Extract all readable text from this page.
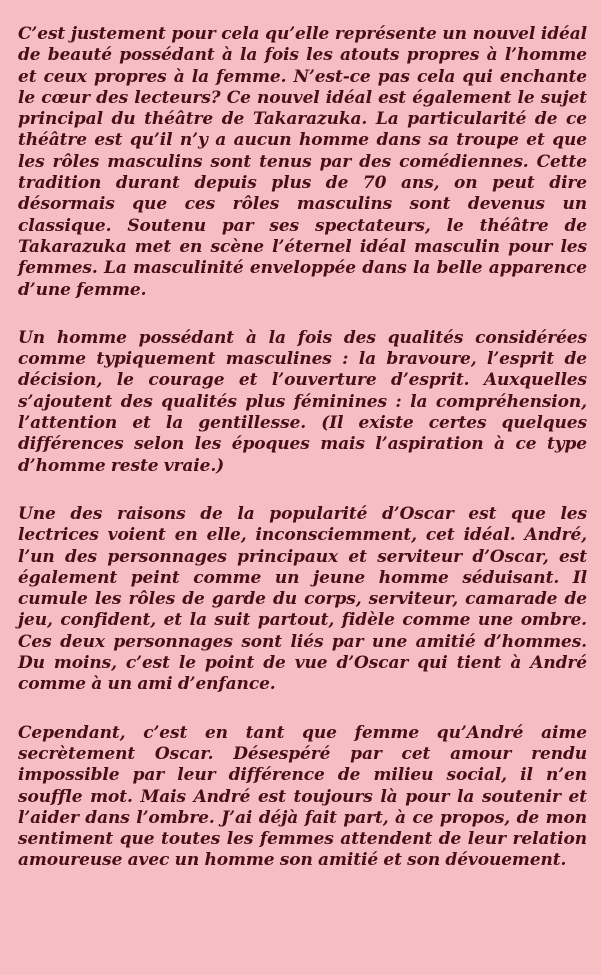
C’est justement pour cela qu’elle représente un nouvel idéal de beauté possédant à la fois les atouts propres à l’homme et ceux propres à la femme. N’est-ce pas cela qui enchante le cœur des lecteurs? Ce nouvel idéal est également le sujet principal du théâtre de Takarazuka. La particularité de ce théâtre est qu’il n’y a aucun homme dans sa troupe et que les rôles masculins sont tenus par des comédiennes. Cette tradition durant depuis plus de 70 ans, on peut dire désormais que ces rôles masculins sont devenus un classique. Soutenu par ses spectateurs, le théâtre de Takarazuka met en scène l’éternel idéal masculin pour les femmes. La masculinité enveloppée dans la belle apparence d’une femme.

Un homme possédant à la fois des qualités considérées comme typiquement masculines : la bravoure, l’esprit de décision, le courage et l’ouverture d’esprit. Auxquelles s’ajoutent des qualités plus féminines : la compréhension, l’attention et la gentillesse. (Il existe certes quelques différences selon les époques mais l’aspiration à ce type d’homme reste vraie.)

Une des raisons de la popularité d’Oscar est que les lectrices voient en elle, inconsciemment, cet idéal. André, l’un des personnages principaux et serviteur d’Oscar, est également peint comme un jeune homme séduisant. Il cumule les rôles de garde du corps, serviteur, camarade de jeu, confident, et la suit partout, fidèle comme une ombre. Ces deux personnages sont liés par une amitié d’hommes. Du moins, c’est le point de vue d’Oscar qui tient à André comme à un ami d’enfance.

Cependant, c’est en tant que femme qu’André aime secrètement Oscar. Désespéré par cet amour rendu impossible par leur différence de milieu social, il n’en souffle mot. Mais André est toujours là pour la soutenir et l’aider dans l’ombre. J’ai déjà fait part, à ce propos, de mon sentiment que toutes les femmes attendent de leur relation amoureuse avec un homme son amitié et son dévouement.
